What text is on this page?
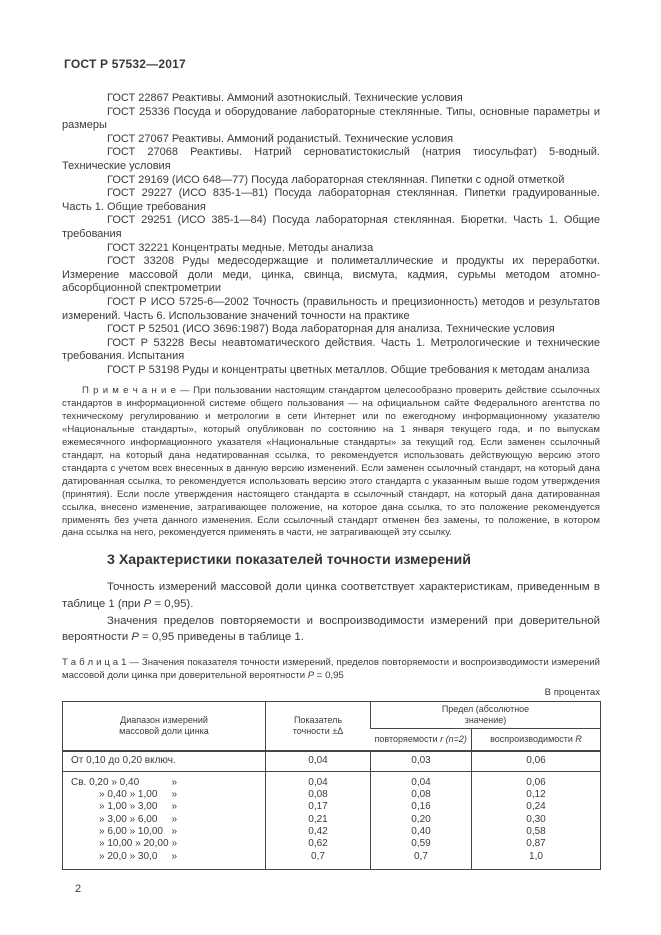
ГОСТ Р 57532—2017

ГОСТ 22867 Реактивы. Аммоний азотнокислый. Технические условия

ГОСТ 25336 Посуда и оборудование лабораторные стеклянные. Типы, основные параметры и размеры

ГОСТ 27067 Реактивы. Аммоний роданистый. Технические условия

ГОСТ 27068 Реактивы. Натрий серноватистокислый (натрия тиосульфат) 5-водный. Технические условия

ГОСТ 29169 (ИСО 648—77) Посуда лабораторная стеклянная. Пипетки с одной отметкой

ГОСТ 29227 (ИСО 835-1—81) Посуда лабораторная стеклянная. Пипетки градуированные. Часть 1. Общие требования

ГОСТ 29251 (ИСО 385-1—84) Посуда лабораторная стеклянная. Бюретки. Часть 1. Общие требования

ГОСТ 32221 Концентраты медные. Методы анализа

ГОСТ 33208 Руды медесодержащие и полиметаллические и продукты их переработки. Измерение массовой доли меди, цинка, свинца, висмута, кадмия, сурьмы методом атомно-абсорбционной спектрометрии

ГОСТ Р ИСО 5725-6—2002 Точность (правильность и прецизионность) методов и результатов измерений. Часть 6. Использование значений точности на практике

ГОСТ Р 52501 (ИСО 3696:1987) Вода лабораторная для анализа. Технические условия

ГОСТ Р 53228 Весы неавтоматического действия. Часть 1. Метрологические и технические требования. Испытания

ГОСТ Р 53198 Руды и концентраты цветных металлов. Общие требования к методам анализа

П р и м е ч а н и е — При пользовании настоящим стандартом целесообразно проверить действие ссылочных стандартов в информационной системе общего пользования — на официальном сайте Федерального агентства по техническому регулированию и метрологии в сети Интернет или по ежегодному информационному указателю «Национальные стандарты», который опубликован по состоянию на 1 января текущего года, и по выпускам ежемесячного информационного указателя «Национальные стандарты» за текущий год. Если заменен ссылочный стандарт, на который дана недатированная ссылка, то рекомендуется использовать действующую версию этого стандарта с учетом всех внесенных в данную версию изменений. Если заменен ссылочный стандарт, на который дана датированная ссылка, то рекомендуется использовать версию этого стандарта с указанным выше годом утверждения (принятия). Если после утверждения настоящего стандарта в ссылочный стандарт, на который дана датированная ссылка, внесено изменение, затрагивающее положение, на которое дана ссылка, то это положение рекомендуется применять без учета данного изменения. Если ссылочный стандарт отменен без замены, то положение, в котором дана ссылка на него, рекомендуется применять в части, не затрагивающей эту ссылку.

3 Характеристики показателей точности измерений

Точность измерений массовой доли цинка соответствует характеристикам, приведенным в таблице 1 (при P = 0,95).

Значения пределов повторяемости и воспроизводимости измерений при доверительной вероятности P = 0,95 приведены в таблице 1.

Т а б л и ц а 1 — Значения показателя точности измерений, пределов повторяемости и воспроизводимости измерений массовой доли цинка при доверительной вероятности P = 0,95

В процентах
Диапазон измерений массовой доли цинка	Показатель точности ±Δ	Предел (абсолютное значение)	
		повторяемости r (n=2)	воспроизводимости R

От 0,10 до 0,20 включ.	0,04	0,03	0,06

Св. 0,20 » 0,40 »	0,04	0,04	0,06

» 0,40 » 1,00 »	0,08	0,08	0,12

» 1,00 » 3,00 »	0,17	0,16	0,24

» 3,00 » 6,00 »	0,21	0,20	0,30

» 6,00 » 10,00 »	0,42	0,40	0,58

» 10,00 » 20,00 »	0,62	0,59	0,87

» 20,0 » 30,0 »	0,7	0,7	1,0
2
